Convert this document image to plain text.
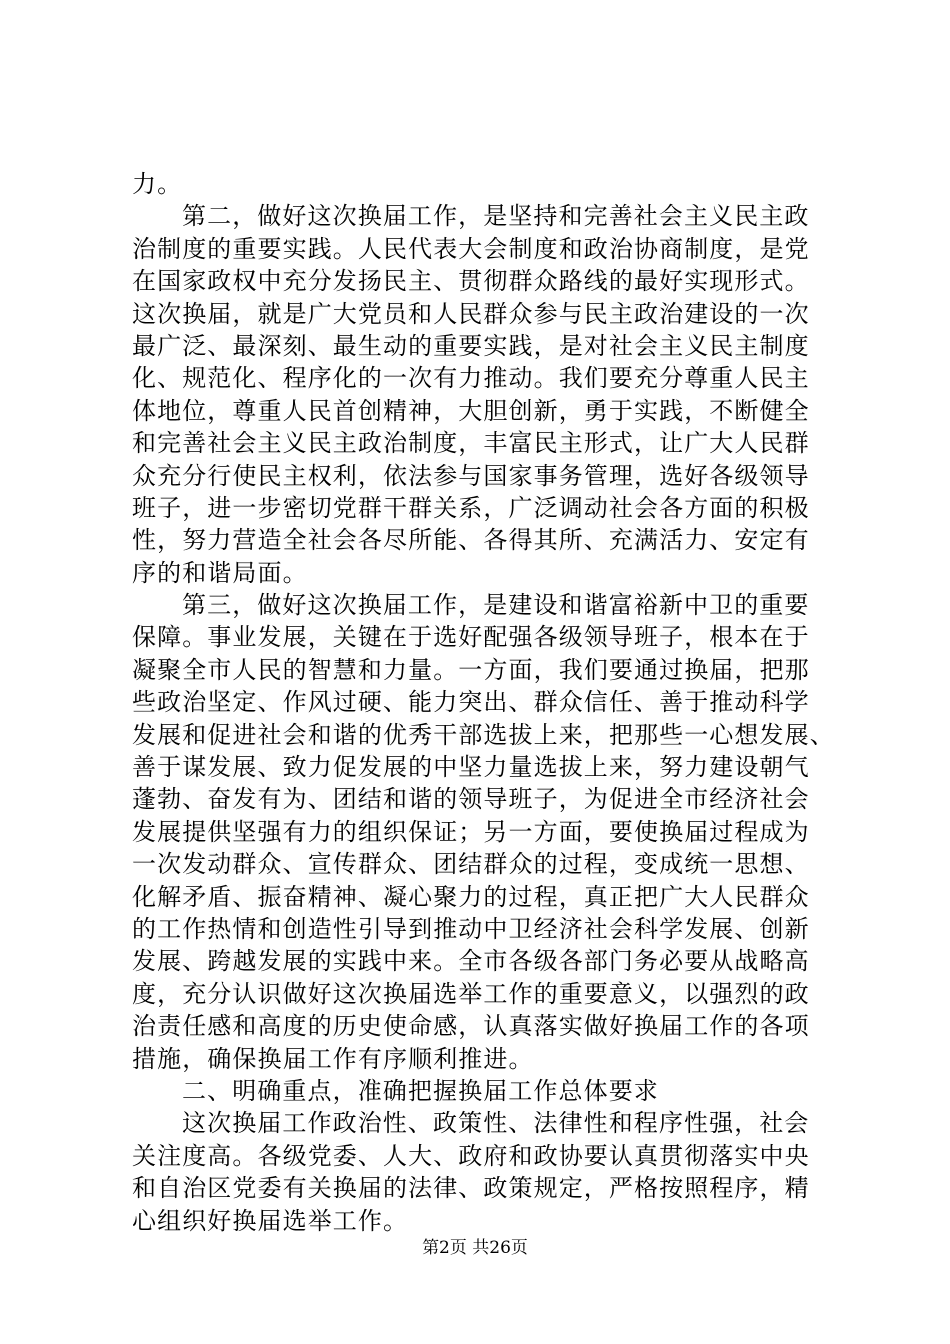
力。
第二，做好这次换届工作，是坚持和完善社会主义民主政
治制度的重要实践。人民代表大会制度和政治协商制度，是党
在国家政权中充分发扬民主、贯彻群众路线的最好实现形式。
这次换届，就是广大党员和人民群众参与民主政治建设的一次
最广泛、最深刻、最生动的重要实践，是对社会主义民主制度
化、规范化、程序化的一次有力推动。我们要充分尊重人民主
体地位，尊重人民首创精神，大胆创新，勇于实践，不断健全
和完善社会主义民主政治制度，丰富民主形式，让广大人民群
众充分行使民主权利，依法参与国家事务管理，选好各级领导
班子，进一步密切党群干群关系，广泛调动社会各方面的积极
性，努力营造全社会各尽所能、各得其所、充满活力、安定有
序的和谐局面。
第三，做好这次换届工作，是建设和谐富裕新中卫的重要
保障。事业发展，关键在于选好配强各级领导班子，根本在于
凝聚全市人民的智慧和力量。一方面，我们要通过换届，把那
些政治坚定、作风过硬、能力突出、群众信任、善于推动科学
发展和促进社会和谐的优秀干部选拔上来，把那些一心想发展、
善于谋发展、致力促发展的中坚力量选拔上来，努力建设朝气
蓬勃、奋发有为、团结和谐的领导班子，为促进全市经济社会
发展提供坚强有力的组织保证；另一方面，要使换届过程成为
一次发动群众、宣传群众、团结群众的过程，变成统一思想、
化解矛盾、振奋精神、凝心聚力的过程，真正把广大人民群众
的工作热情和创造性引导到推动中卫经济社会科学发展、创新
发展、跨越发展的实践中来。全市各级各部门务必要从战略高
度，充分认识做好这次换届选举工作的重要意义，以强烈的政
治责任感和高度的历史使命感，认真落实做好换届工作的各项
措施，确保换届工作有序顺利推进。
二、明确重点，准确把握换届工作总体要求
这次换届工作政治性、政策性、法律性和程序性强，社会
关注度高。各级党委、人大、政府和政协要认真贯彻落实中央
和自治区党委有关换届的法律、政策规定，严格按照程序，精
心组织好换届选举工作。
第2页 共26页
